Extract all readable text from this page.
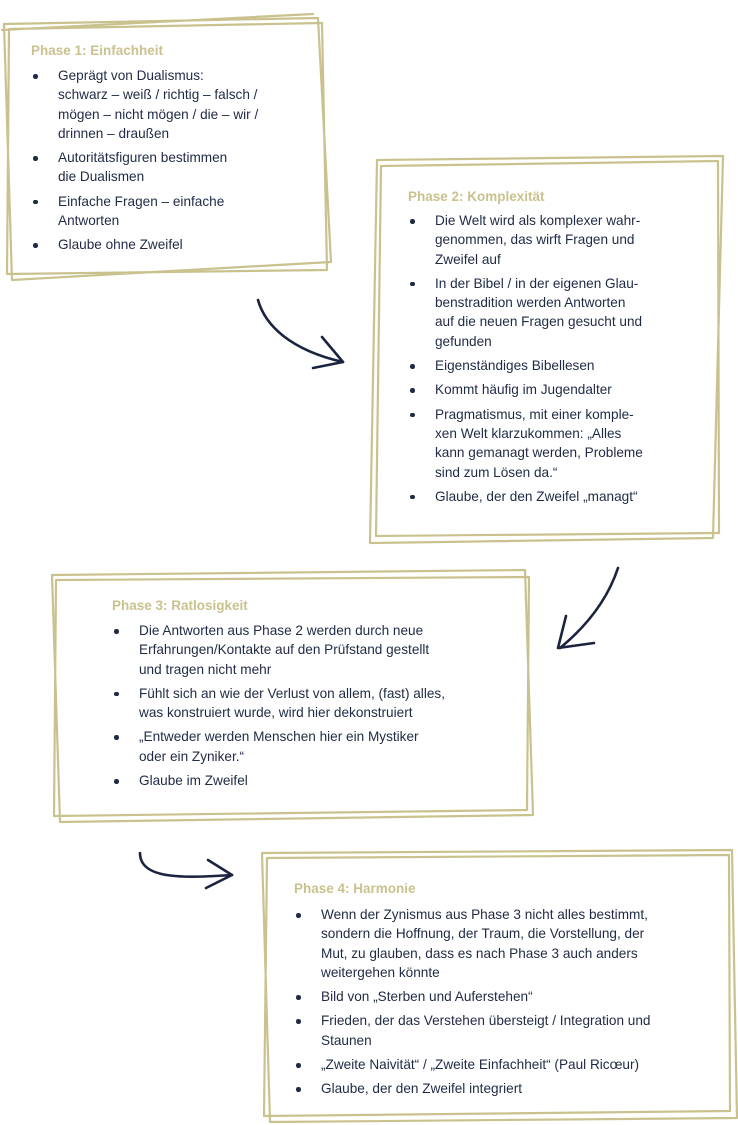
Phase 1: Einfachheit
Geprägt von Dualismus:
schwarz – weiß / richtig – falsch /
mögen – nicht mögen / die – wir /
drinnen – draußen
Autoritätsfiguren bestimmen
die Dualismen
Einfache Fragen – einfache
Antworten
Glaube ohne Zweifel
Phase 2: Komplexität
Die Welt wird als komplexer wahr-
genommen, das wirft Fragen und
Zweifel auf
In der Bibel / in der eigenen Glau-
benstradition werden Antworten
auf die neuen Fragen gesucht und
gefunden
Eigenständiges Bibellesen
Kommt häufig im Jugendalter
Pragmatismus, mit einer komple-
xen Welt klarzukommen: „Alles
kann gemanagt werden, Probleme
sind zum Lösen da.“
Glaube, der den Zweifel „managt“
Phase 3: Ratlosigkeit
Die Antworten aus Phase 2 werden durch neue
Erfahrungen/Kontakte auf den Prüfstand gestellt
und tragen nicht mehr
Fühlt sich an wie der Verlust von allem, (fast) alles,
was konstruiert wurde, wird hier dekonstruiert
„Entweder werden Menschen hier ein Mystiker
oder ein Zyniker.“
Glaube im Zweifel
Phase 4: Harmonie
Wenn der Zynismus aus Phase 3 nicht alles bestimmt,
sondern die Hoffnung, der Traum, die Vorstellung, der
Mut, zu glauben, dass es nach Phase 3 auch anders
weitergehen könnte
Bild von „Sterben und Auferstehen“
Frieden, der das Verstehen übersteigt / Integration und
Staunen
„Zweite Naivität“ / „Zweite Einfachheit“ (Paul Ricœur)
Glaube, der den Zweifel integriert
